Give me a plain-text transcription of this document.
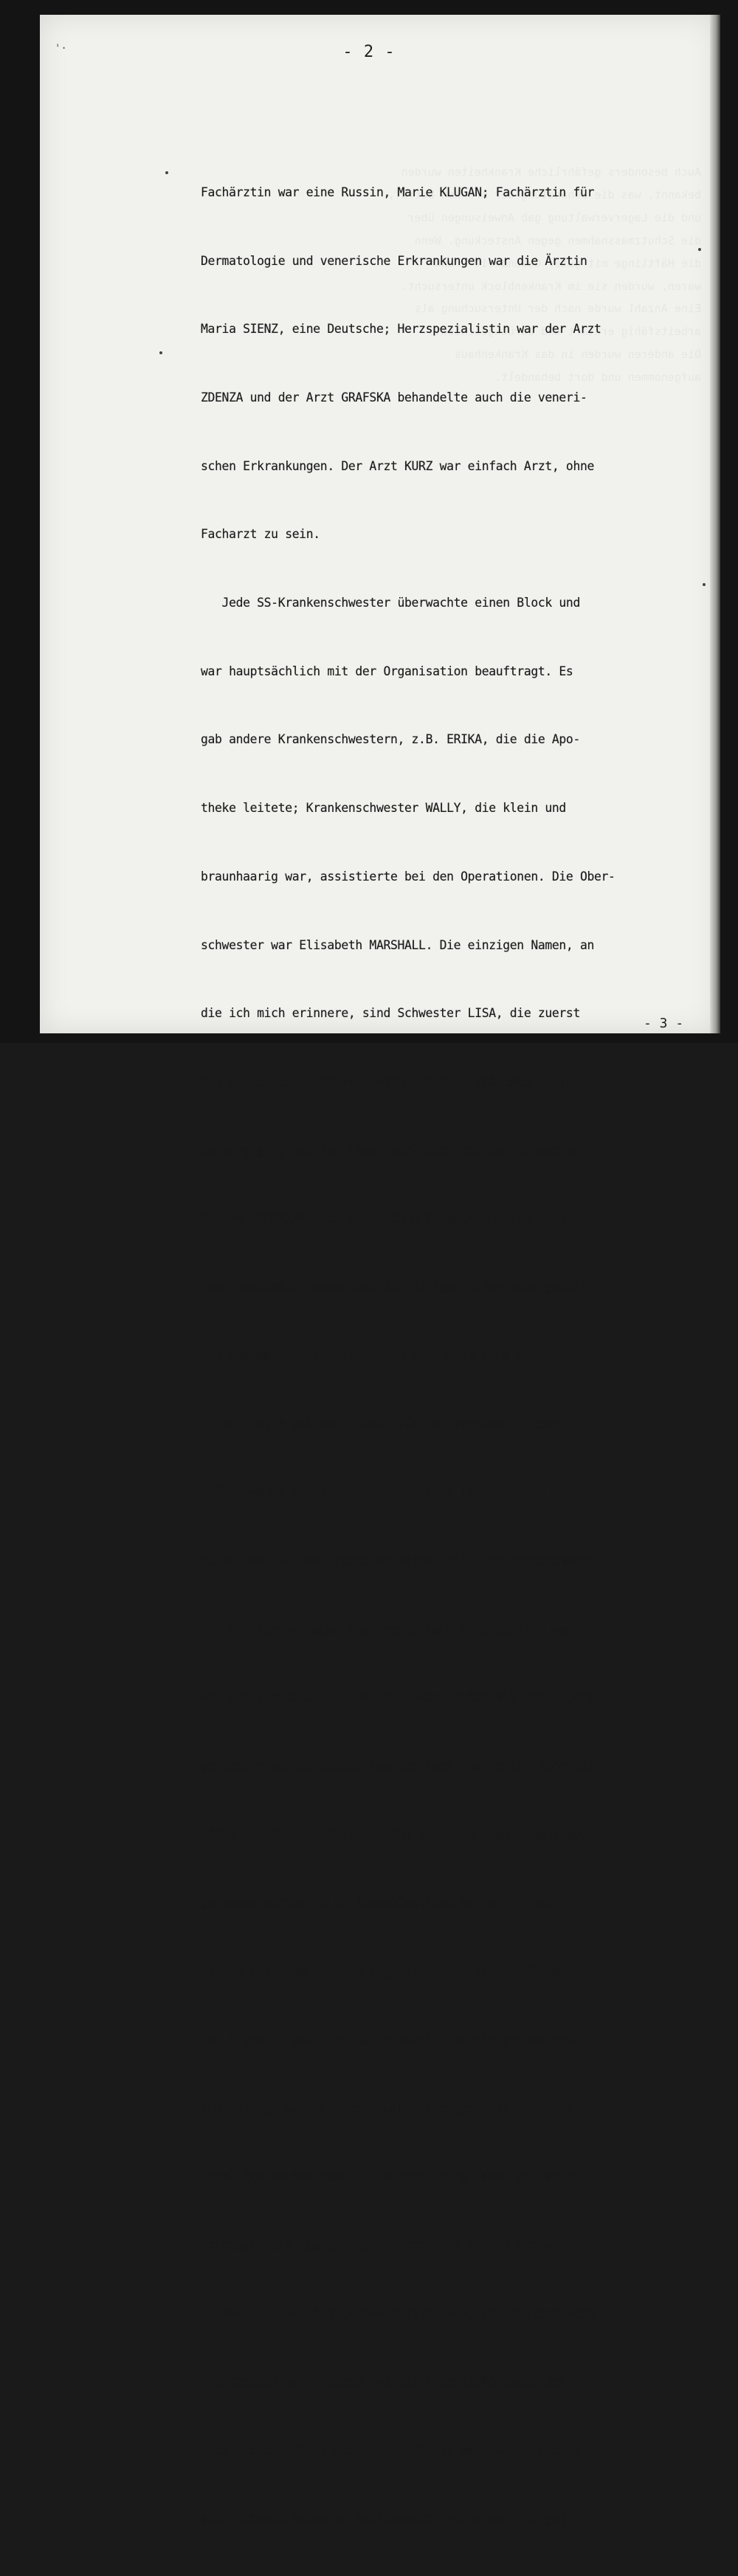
'·	- 2 -

Fachärztin war eine Russin, Marie KLUGAN; Fachärztin für

Dermatologie und venerische Erkrankungen war die Ärztin

Maria SIENZ, eine Deutsche; Herzspezialistin war der Arzt

ZDENZA und der Arzt GRAFSKA behandelte auch die veneri-

schen Erkrankungen. Der Arzt KURZ war einfach Arzt, ohne

Facharzt zu sein.

Jede SS-Krankenschwester überwachte einen Block und

war hauptsächlich mit der Organisation beauftragt. Es

gab andere Krankenschwestern, z.B. ERIKA, die die Apo-

theke leitete; Krankenschwester WALLY, die klein und

braunhaarig war, assistierte bei den Operationen. Die Ober-

schwester war Elisabeth MARSHALL. Die einzigen Namen, an

die ich mich erinnere, sind Schwester LISA, die zuerst

die ansteckenden Erkrankungen pflegte, daß nach Neubran-

denburg ging und ins Lager zurückkehrte, und Schwester

Helene BACHMANN. Die weiblichen Gefangenen, die sich

krank meldeten, waren wie die übrigen Gefangenen geklei-

det und machten die Visite in der Halle beim Revier durch

In der Halle gab es 2 Bänke für 100 Personen. Diese

Plätze waren nicht ausreichend, weil jeden Morgen zwi-

schen 200 und 300 Kranke da waren. Die Krankheitsschwere,

die für die Aufnahme ins Krankenhaus erforderlich war,

war die gleiche, die bei Zivilisten außerhalb des Lagers

gefordert wurde. Jedoch konnten nach dem Herbst 1944 die

Fälle von Unterernährung nicht mehr ins Krankenhaus auf-

genommen werden. Alle Neuankömmlinge wurden von mir

selbst oder dem anderen Lagerarzt untersucht. Sie mach-

ten 1 oder 2 mal die Visite durch, und einige der Neu-

ankömmlinge wurden unter Quarantäne gestellt.  Ob sie

unter Quarantäne gestellt wurden, hing davon ab, wo sie

herkamen; die Quarantäne dauerte 1, 2 oder 3 Wochen.

Zweck dieser ärztlichen Visiten war, die ansteckenden

Krankheiten zu erkennen und die Arbeitsfähigkeit der

Internierten festzustellen. Zunächst war im Lager eine

ausreichende Menge an Medikamenten vorhanden. Es gab

- 3 -
